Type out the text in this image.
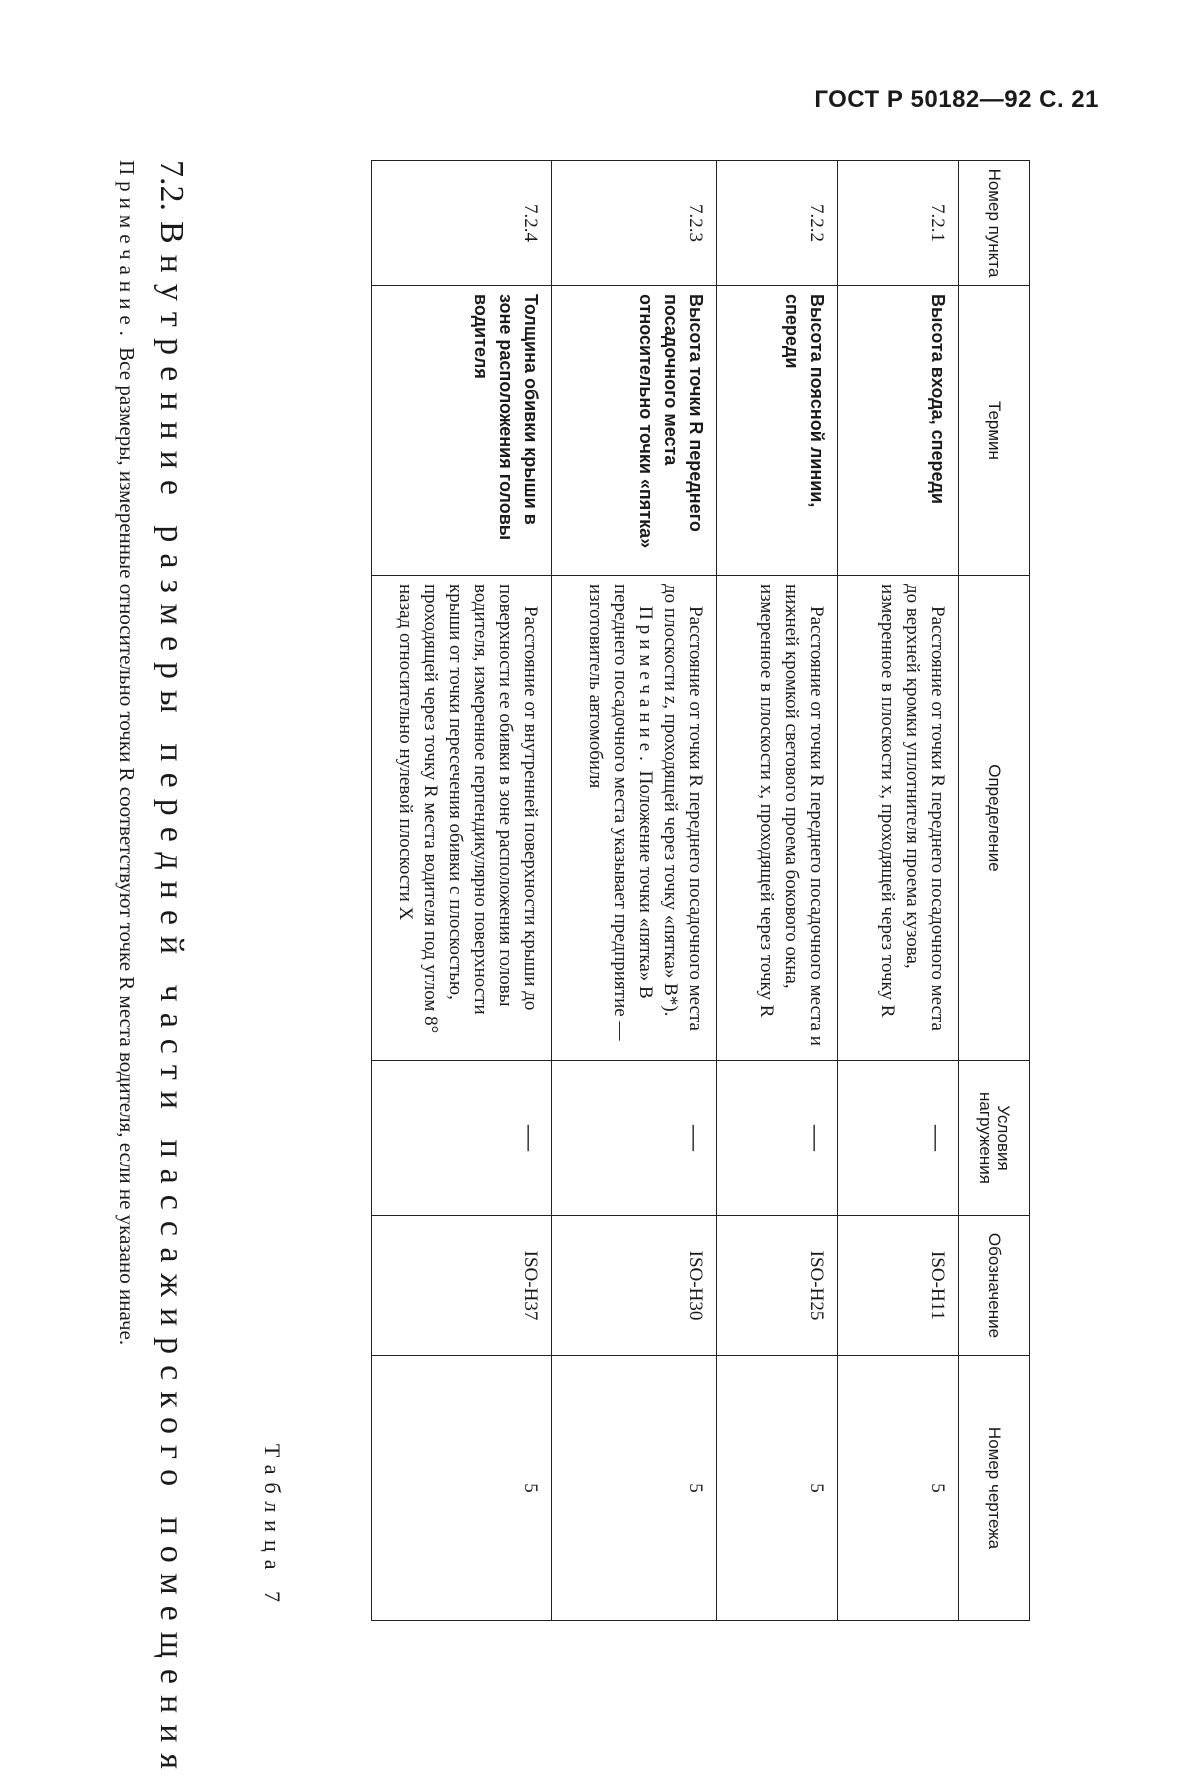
ГОСТ Р 50182—92 С. 21
Номер пункта	Термин	Определение	Условия нагружения	Обозначение	Номер чертежа
7.2.1	Высота входа, спереди	Расстояние от точки R переднего посадочного места до верхней кромки уплотнителя проема кузова, измеренное в плоскости x, проходящей через точку R	—	ISO-H11	5
7.2.2	Высота поясной линии, спереди	Расстояние от точки R переднего посадочного места и нижней кромкой светового проема бокового окна, измеренное в плоскости x, проходящей через точку R	—	ISO-H25	5
7.2.3	Высота точки R переднего посадочного места относительно точки «пятка»	Расстояние от точки R переднего посадочного места до плоскости z, проходящей через точку «пятка» B*).
Примечание. Положение точки «пятка» B переднего посадочного места указывает предприятие — изготовитель автомобиля	—	ISO-H30	5
7.2.4	Толщина обивки крыши в зоне расположения головы водителя	Расстояние от внутренней поверхности крыши до поверхности ее обивки в зоне расположения головы водителя, измеренное перпендикулярно поверхности крыши от точки пересечения обивки с плоскостью, проходящей через точку R места водителя под углом 8° назад относительно нулевой плоскости X	—	ISO-H37	5
Таблица 7
7.2.Внутренние размеры передней части пассажирского помещения
Примечание. Все размеры, измеренные относительно точки R соответствуют точке R места водителя, если не указано иначе.
